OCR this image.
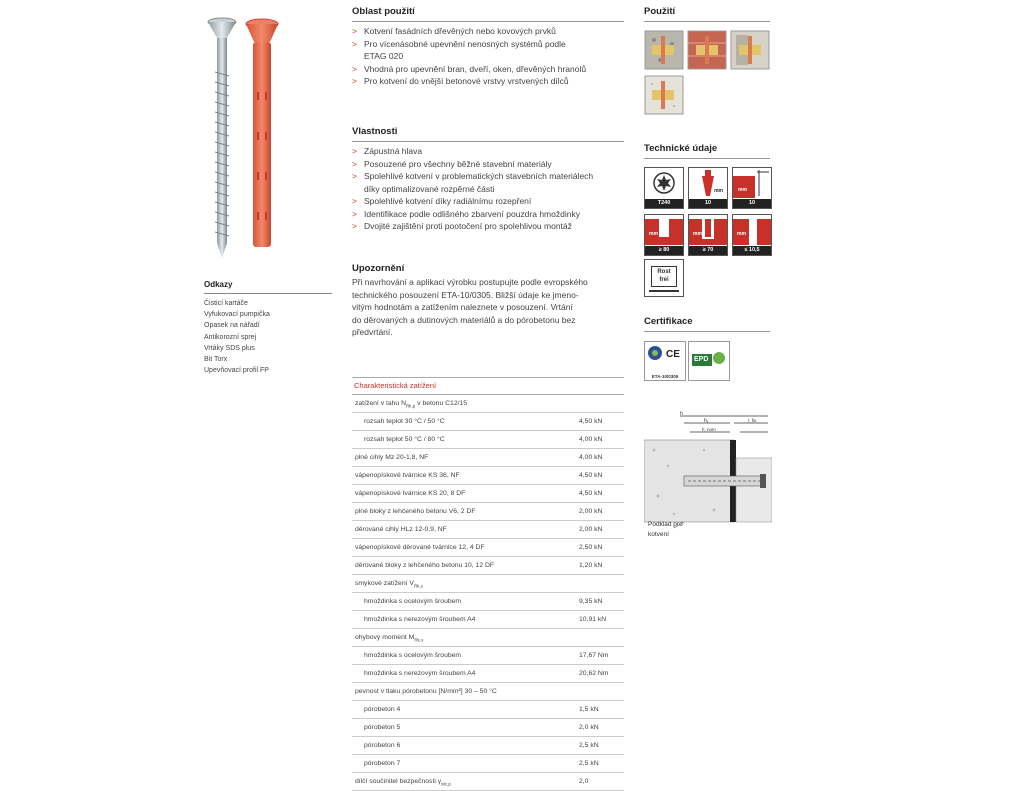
Odkazy
Čisticí kartáče
Vyfukovací pumpička
Opasek na nářadí
Antikorozní sprej
Vrtáky SDS plus
Bit Torx
Upevňovací profil FP
Oblast použití
> Kotvení fasádních dřevěných nebo kovových prvků
> Pro vícenásobné upevnění nenosných systémů podle
ETAG 020
> Vhodná pro upevnění bran, dveří, oken, dřevěných hranolů
> Pro kotvení do vnější betonové vrstvy vrstvených dílců
Vlastnosti
> Zápustná hlava
> Posouzené pro všechny běžné stavební materiály
> Spolehlivé kotvení v problematických stavebních materiálech
díky optimalizované rozpěrné části
> Spolehlivé kotvení díky radiálnímu rozepření
> Identifikace podle odlišného zbarvení pouzdra hmoždinky
> Dvojité zajištění proti pootočení pro spolehlivou montáž
Upozornění
Při navrhování a aplikaci výrobku postupujte podle evropského
technického posouzení ETA-10/0305. Bližší údaje ke jmeno-
vitým hodnotám a zatížením naleznete v posouzení. Vrtání
do děrovaných a dutinových materiálů a do pórobetonu bez
předvrtání.
Charakteristická zatížení
zatížení v tahu $N_{Rk,p}$ v betonu C12/15
rozsah teplot 30 °C / 50 °C	4,50 kN
rozsah teplot 50 °C / 80 °C	4,00 kN
plné cihly Mz 20-1,8, NF	4,00 kN
vápenopískové tvárnice KS 36, NF	4,50 kN
vápenopískové tvárnice KS 20, 8 DF	4,50 kN
plné bloky z lehčeného betonu V6, 2 DF	2,00 kN
děrované cihly HLz 12-0,9, NF	2,00 kN
vápenopískové děrované tvárnice 12, 4 DF	2,50 kN
děrované bloky z lehčeného betonu 10, 12 DF	1,20 kN
smykové zatížení $V_{Rk,s}$
hmoždinka s ocelovým šroubem	9,35 kN
hmoždinka s nerezovým šroubem A4	10,91 kN
ohybový moment $M_{Rk,s}$
hmoždinka s ocelovým šroubem	17,67 Nm
hmoždinka s nerezovým šroubem A4	20,62 Nm
pevnost v tlaku pórobetonu [N/mm²] 30 – 50 °C
pórobeton 4	1,5 kN
pórobeton 5	2,0 kN
pórobeton 6	2,5 kN
pórobeton 7	2,5 kN
dílčí součinitel bezpečnosti $\gamma_{Mc,p}$	2,0
Použití
Technické údaje
T240
mm
10
mm
10
mm
≥ 80
mm
≥ 70
mm
≤ 10,5
Rost frei
Certifikace
CE
ETA-10/0305
EPD
h
h₁
h_nom
t_fix
Podklad pro
kotvení
